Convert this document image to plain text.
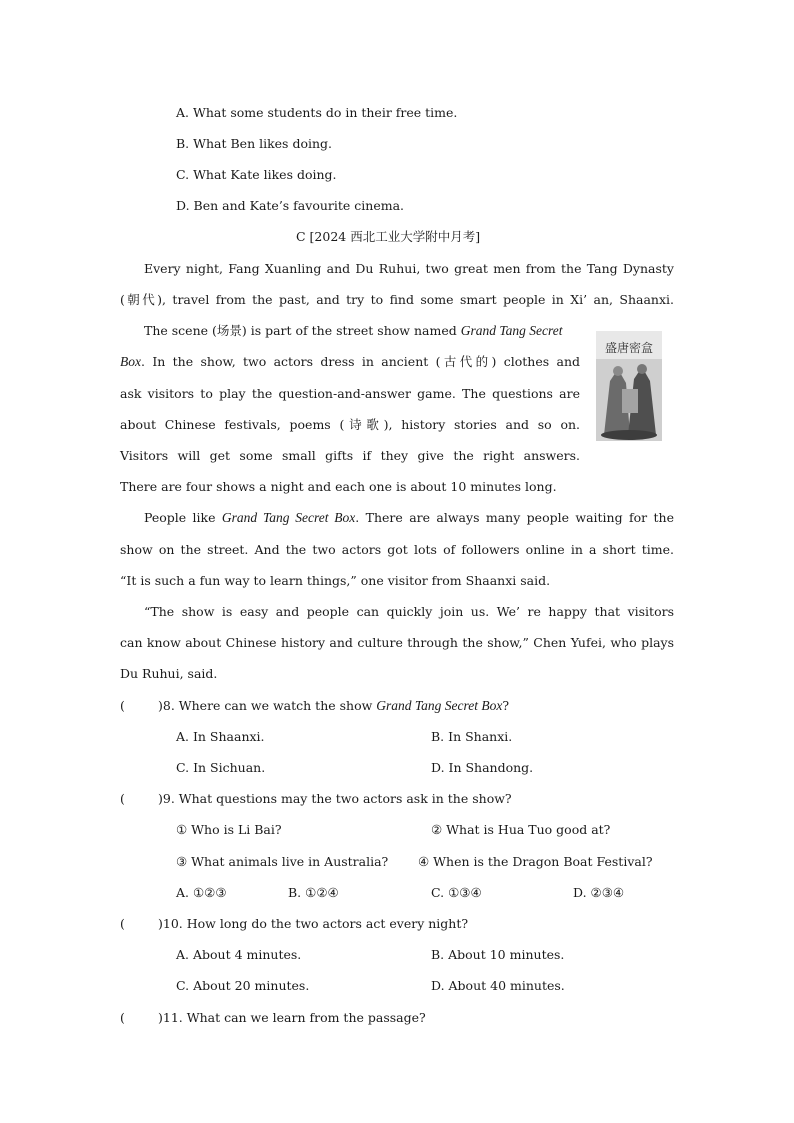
A. What some students do in their free time.
B. What Ben likes doing.
C. What Kate likes doing.
D. Ben and Kate’s favourite cinema.
C [2024 西北工业大学附中月考]
Every night, Fang Xuanling and Du Ruhui, two great men from the Tang Dynasty
(朝代), travel from the past, and try to find some smart people in Xi’ an, Shaanxi.
The scene (场景) is part of the street show named Grand Tang Secret
Box. In the show, two actors dress in ancient (古代的) clothes and
ask visitors to play the question-and-answer game. The questions are
about Chinese festivals, poems (诗歌), history stories and so on.
Visitors will get some small gifts if they give the right answers.
There are four shows a night and each one is about 10 minutes long.
盛唐密盒
People like Grand Tang Secret Box. There are always many people waiting for the
show on the street. And the two actors got lots of followers online in a short time.
“It is such a fun way to learn things,” one visitor from Shaanxi said.
“The show is easy and people can quickly join us. We’ re happy that visitors
can know about Chinese history and culture through the show,” Chen Yufei, who plays
Du Ruhui, said.
(	)8. Where can we watch the show Grand Tang Secret Box?
A. In Shaanxi.	B. In Shanxi.
C. In Sichuan.	D. In Shandong.
(	)9. What questions may the two actors ask in the show?
① Who is Li Bai?	② What is Hua Tuo good at?
③ What animals live in Australia? ④ When is the Dragon Boat Festival?
A. ①②③	B. ①②④	C. ①③④	D. ②③④
(	)10. How long do the two actors act every night?
A. About 4 minutes.	B. About 10 minutes.
C. About 20 minutes.	D. About 40 minutes.
(	)11. What can we learn from the passage?
